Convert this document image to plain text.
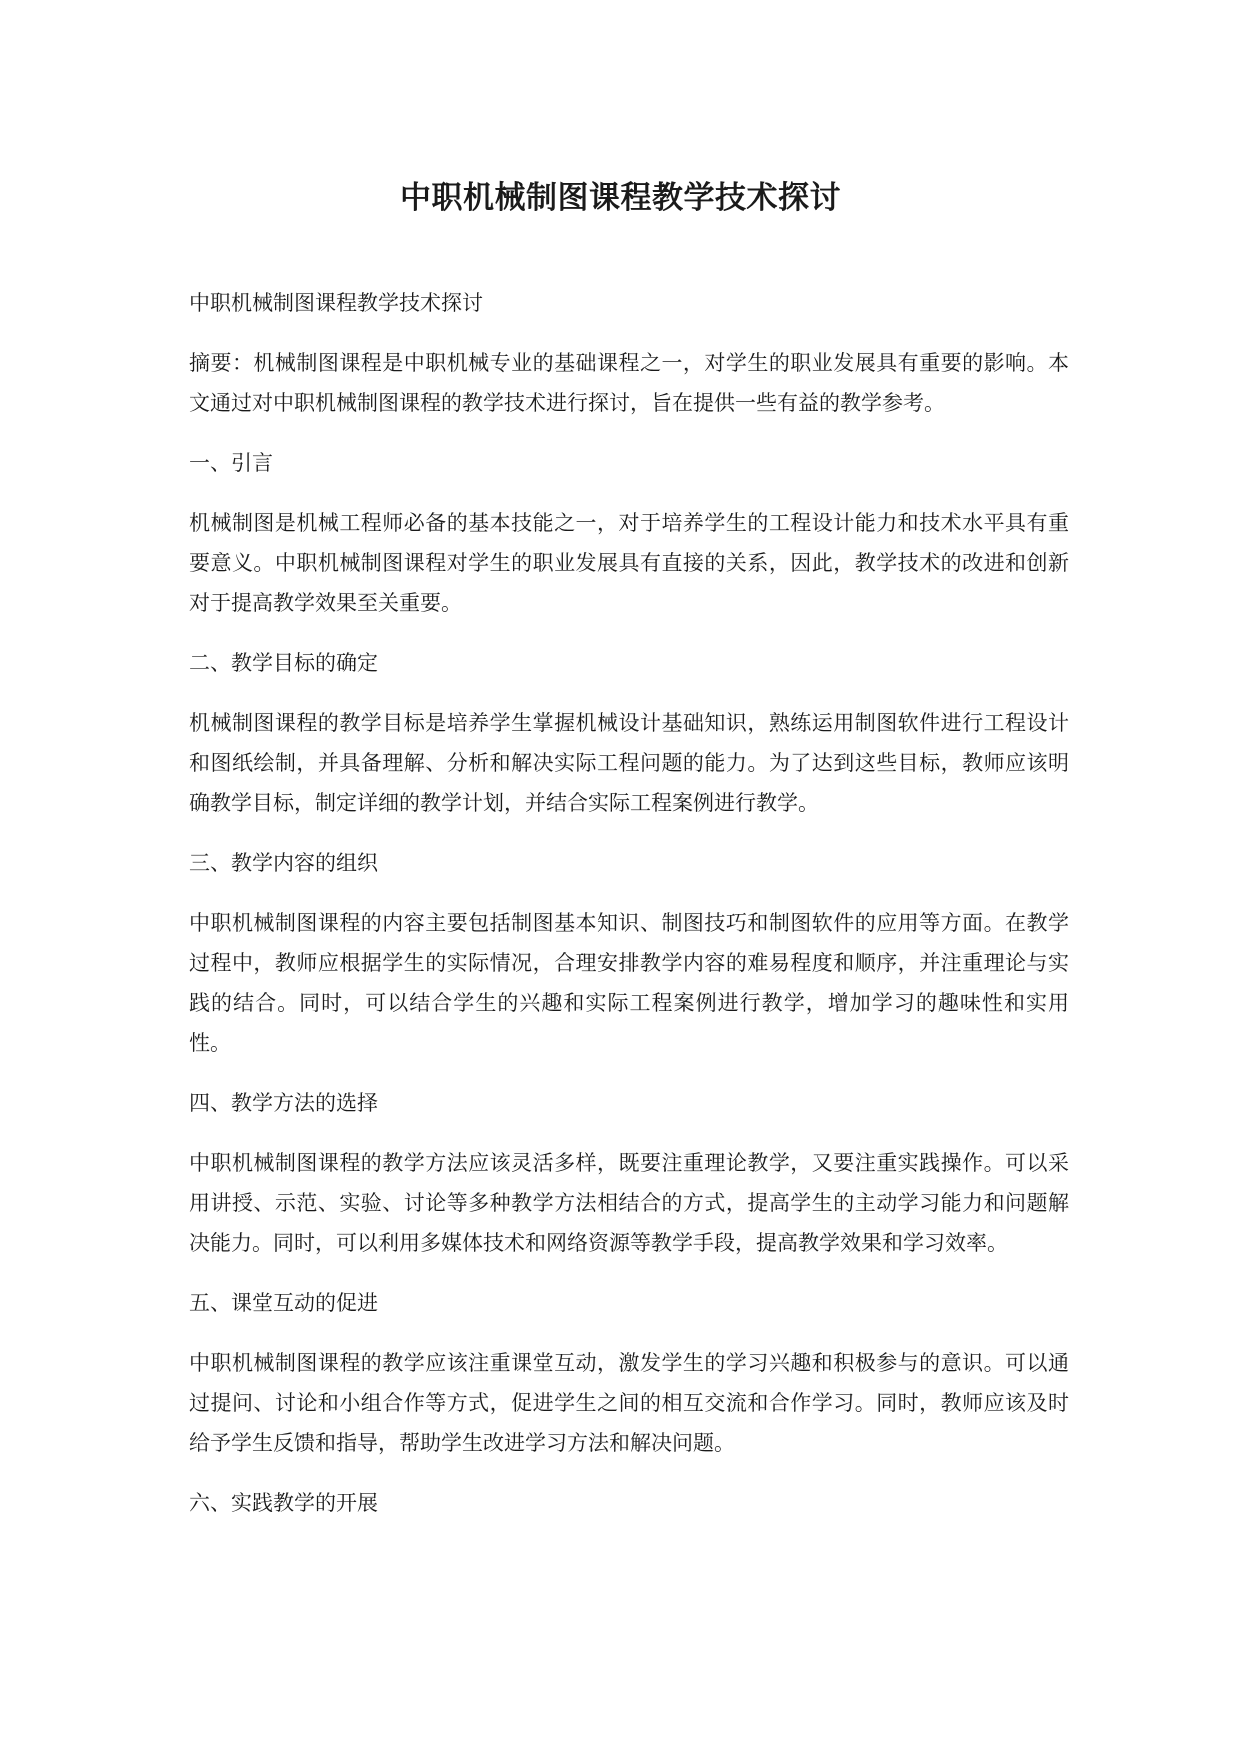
中职机械制图课程教学技术探讨

中职机械制图课程教学技术探讨

摘要：机械制图课程是中职机械专业的基础课程之一，对学生的职业发展具有重要的影响。本文通过对中职机械制图课程的教学技术进行探讨，旨在提供一些有益的教学参考。

一、引言

机械制图是机械工程师必备的基本技能之一，对于培养学生的工程设计能力和技术水平具有重要意义。中职机械制图课程对学生的职业发展具有直接的关系，因此，教学技术的改进和创新对于提高教学效果至关重要。

二、教学目标的确定

机械制图课程的教学目标是培养学生掌握机械设计基础知识，熟练运用制图软件进行工程设计和图纸绘制，并具备理解、分析和解决实际工程问题的能力。为了达到这些目标，教师应该明确教学目标，制定详细的教学计划，并结合实际工程案例进行教学。

三、教学内容的组织

中职机械制图课程的内容主要包括制图基本知识、制图技巧和制图软件的应用等方面。在教学过程中，教师应根据学生的实际情况，合理安排教学内容的难易程度和顺序，并注重理论与实践的结合。同时，可以结合学生的兴趣和实际工程案例进行教学，增加学习的趣味性和实用性。

四、教学方法的选择

中职机械制图课程的教学方法应该灵活多样，既要注重理论教学，又要注重实践操作。可以采用讲授、示范、实验、讨论等多种教学方法相结合的方式，提高学生的主动学习能力和问题解决能力。同时，可以利用多媒体技术和网络资源等教学手段，提高教学效果和学习效率。

五、课堂互动的促进

中职机械制图课程的教学应该注重课堂互动，激发学生的学习兴趣和积极参与的意识。可以通过提问、讨论和小组合作等方式，促进学生之间的相互交流和合作学习。同时，教师应该及时给予学生反馈和指导，帮助学生改进学习方法和解决问题。

六、实践教学的开展
